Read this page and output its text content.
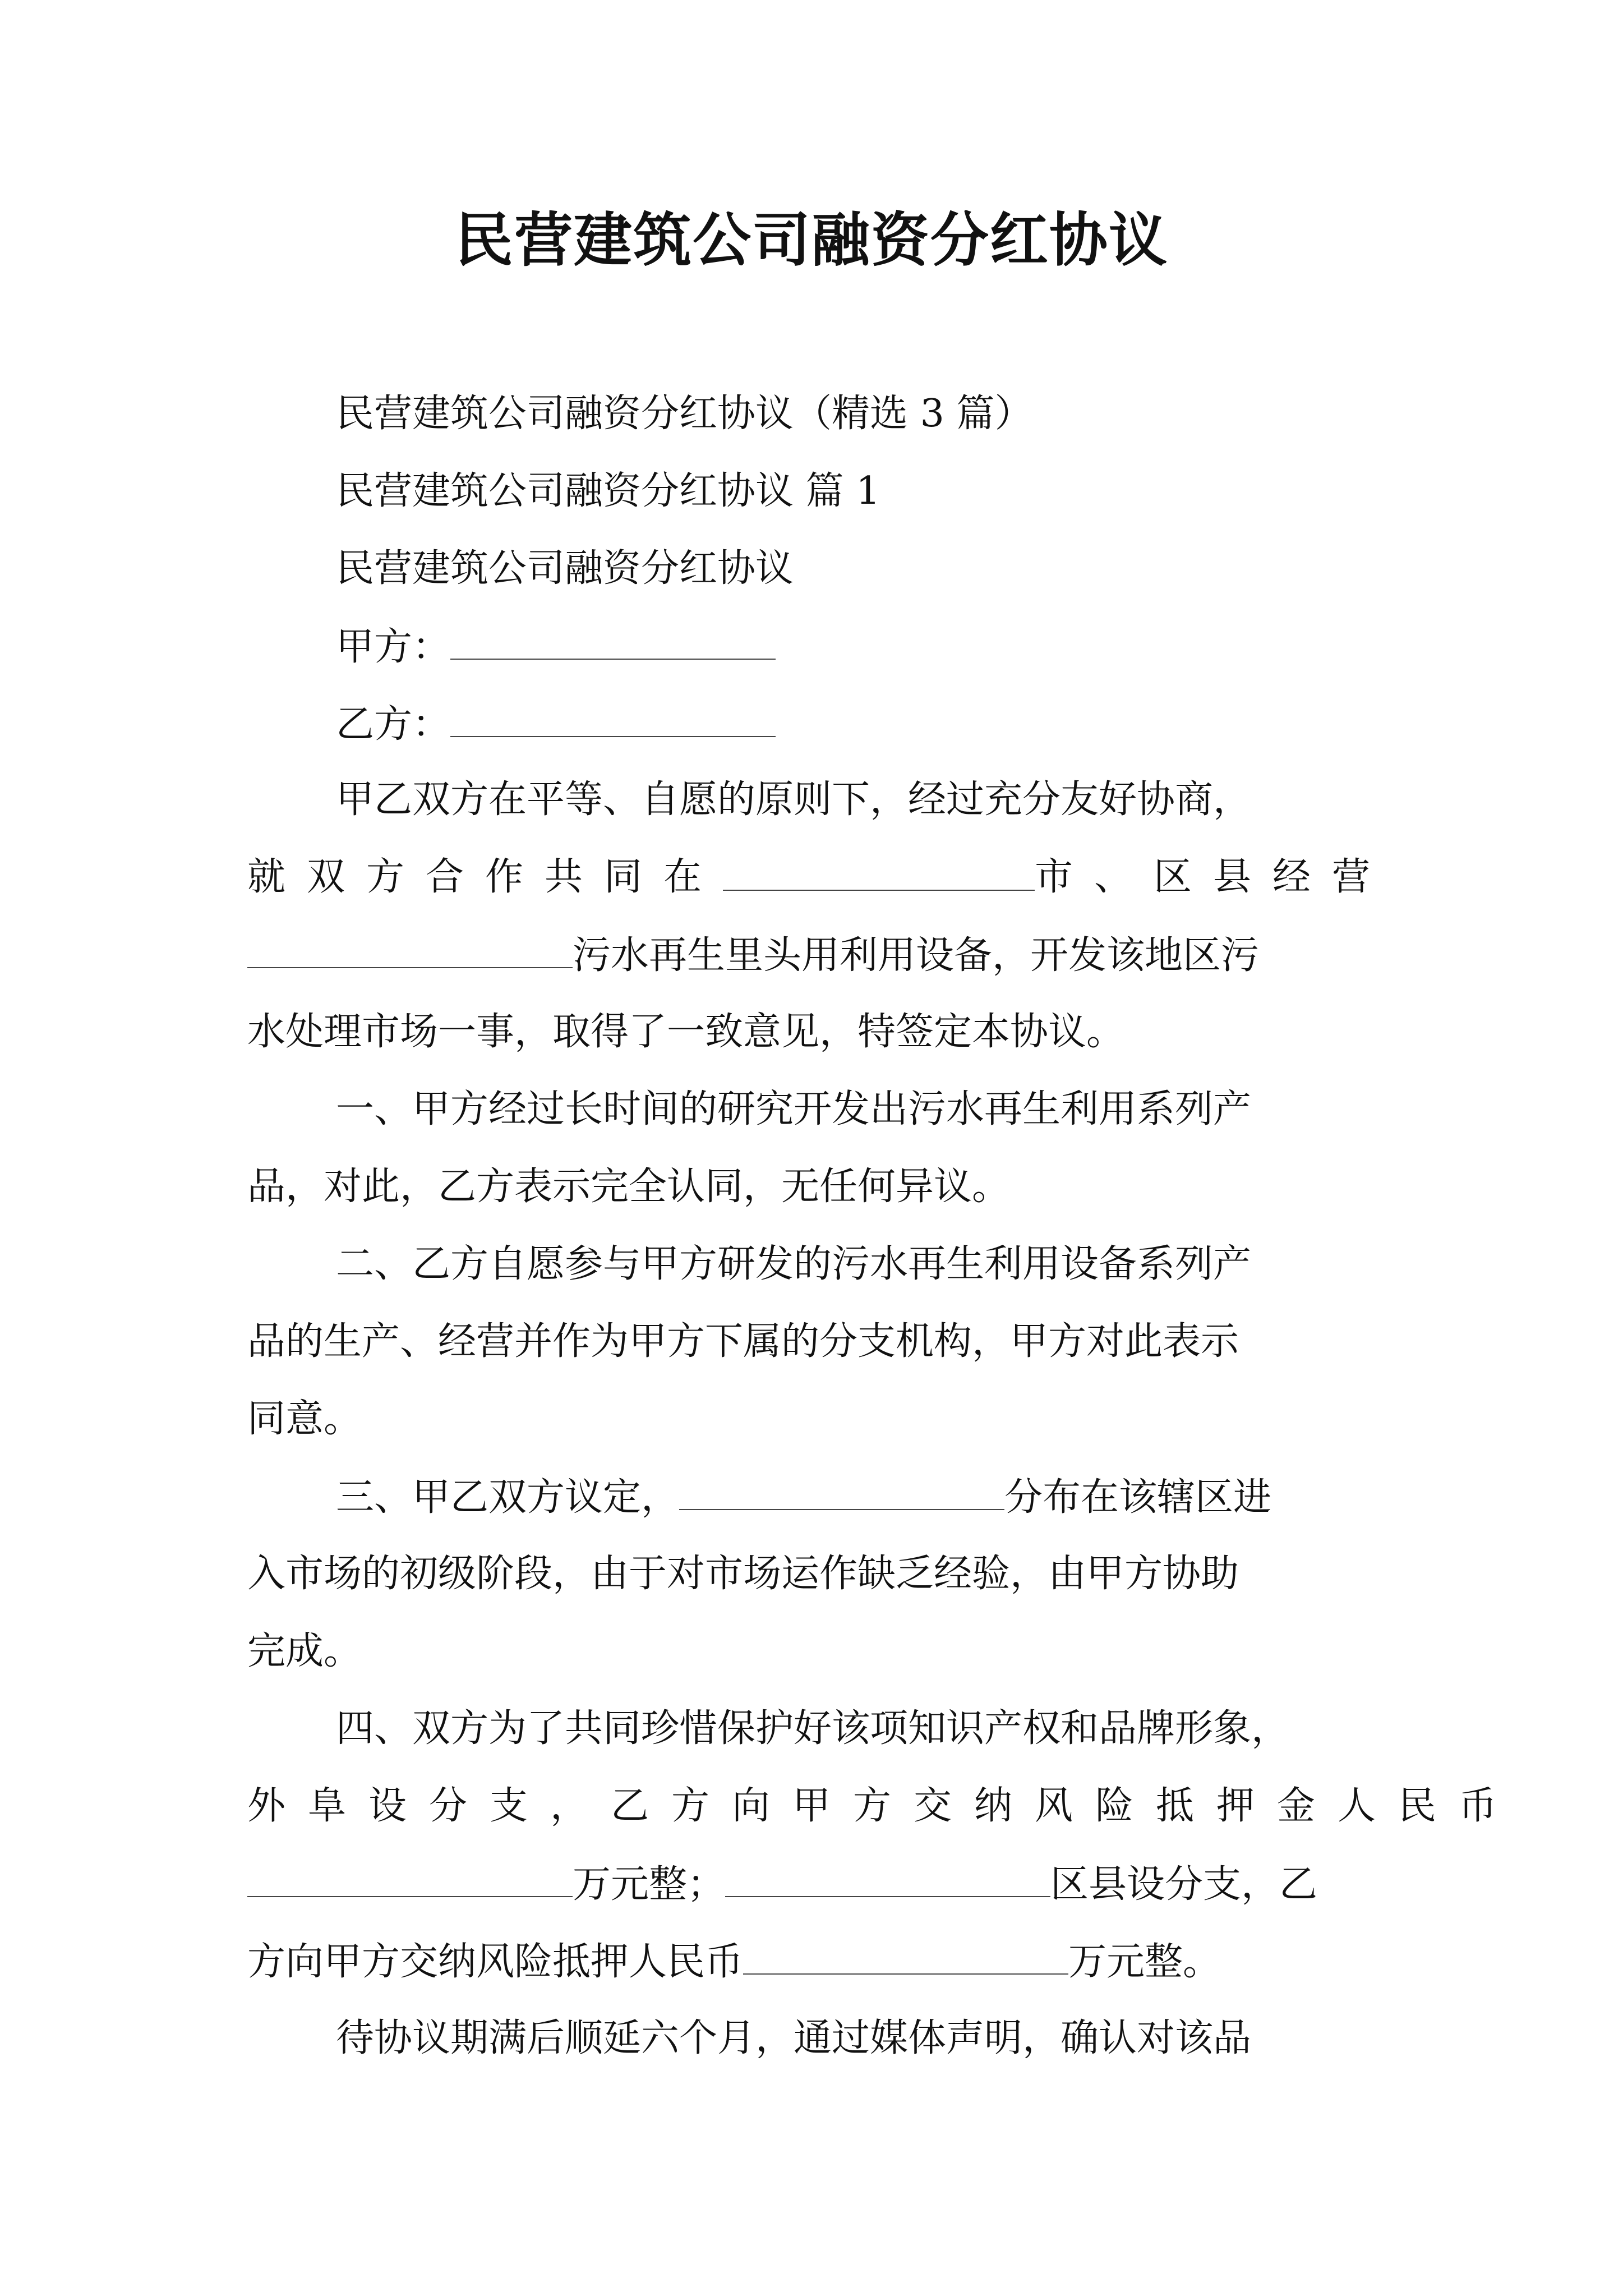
民营建筑公司融资分红协议
民营建筑公司融资分红协议（精选 3 篇）
民营建筑公司融资分红协议 篇 1
民营建筑公司融资分红协议
甲方：
乙方：
甲乙双方在平等、自愿的原则下，经过充分友好协商，
就双方合作共同在	市、区县经营
污水再生里头用利用设备，开发该地区污
水处理市场一事，取得了一致意见，特签定本协议。
一、甲方经过长时间的研究开发出污水再生利用系列产
品，对此，乙方表示完全认同，无任何异议。
二、乙方自愿参与甲方研发的污水再生利用设备系列产
品的生产、经营并作为甲方下属的分支机构，甲方对此表示
同意。
三、甲乙双方议定，	分布在该辖区进
入市场的初级阶段，由于对市场运作缺乏经验，由甲方协助
完成。
四、双方为了共同珍惜保护好该项知识产权和品牌形象，
外阜设分支，乙方向甲方交纳风险抵押金人民币
万元整；	区县设分支，乙
方向甲方交纳风险抵押人民币	万元整。
待协议期满后顺延六个月，通过媒体声明，确认对该品
